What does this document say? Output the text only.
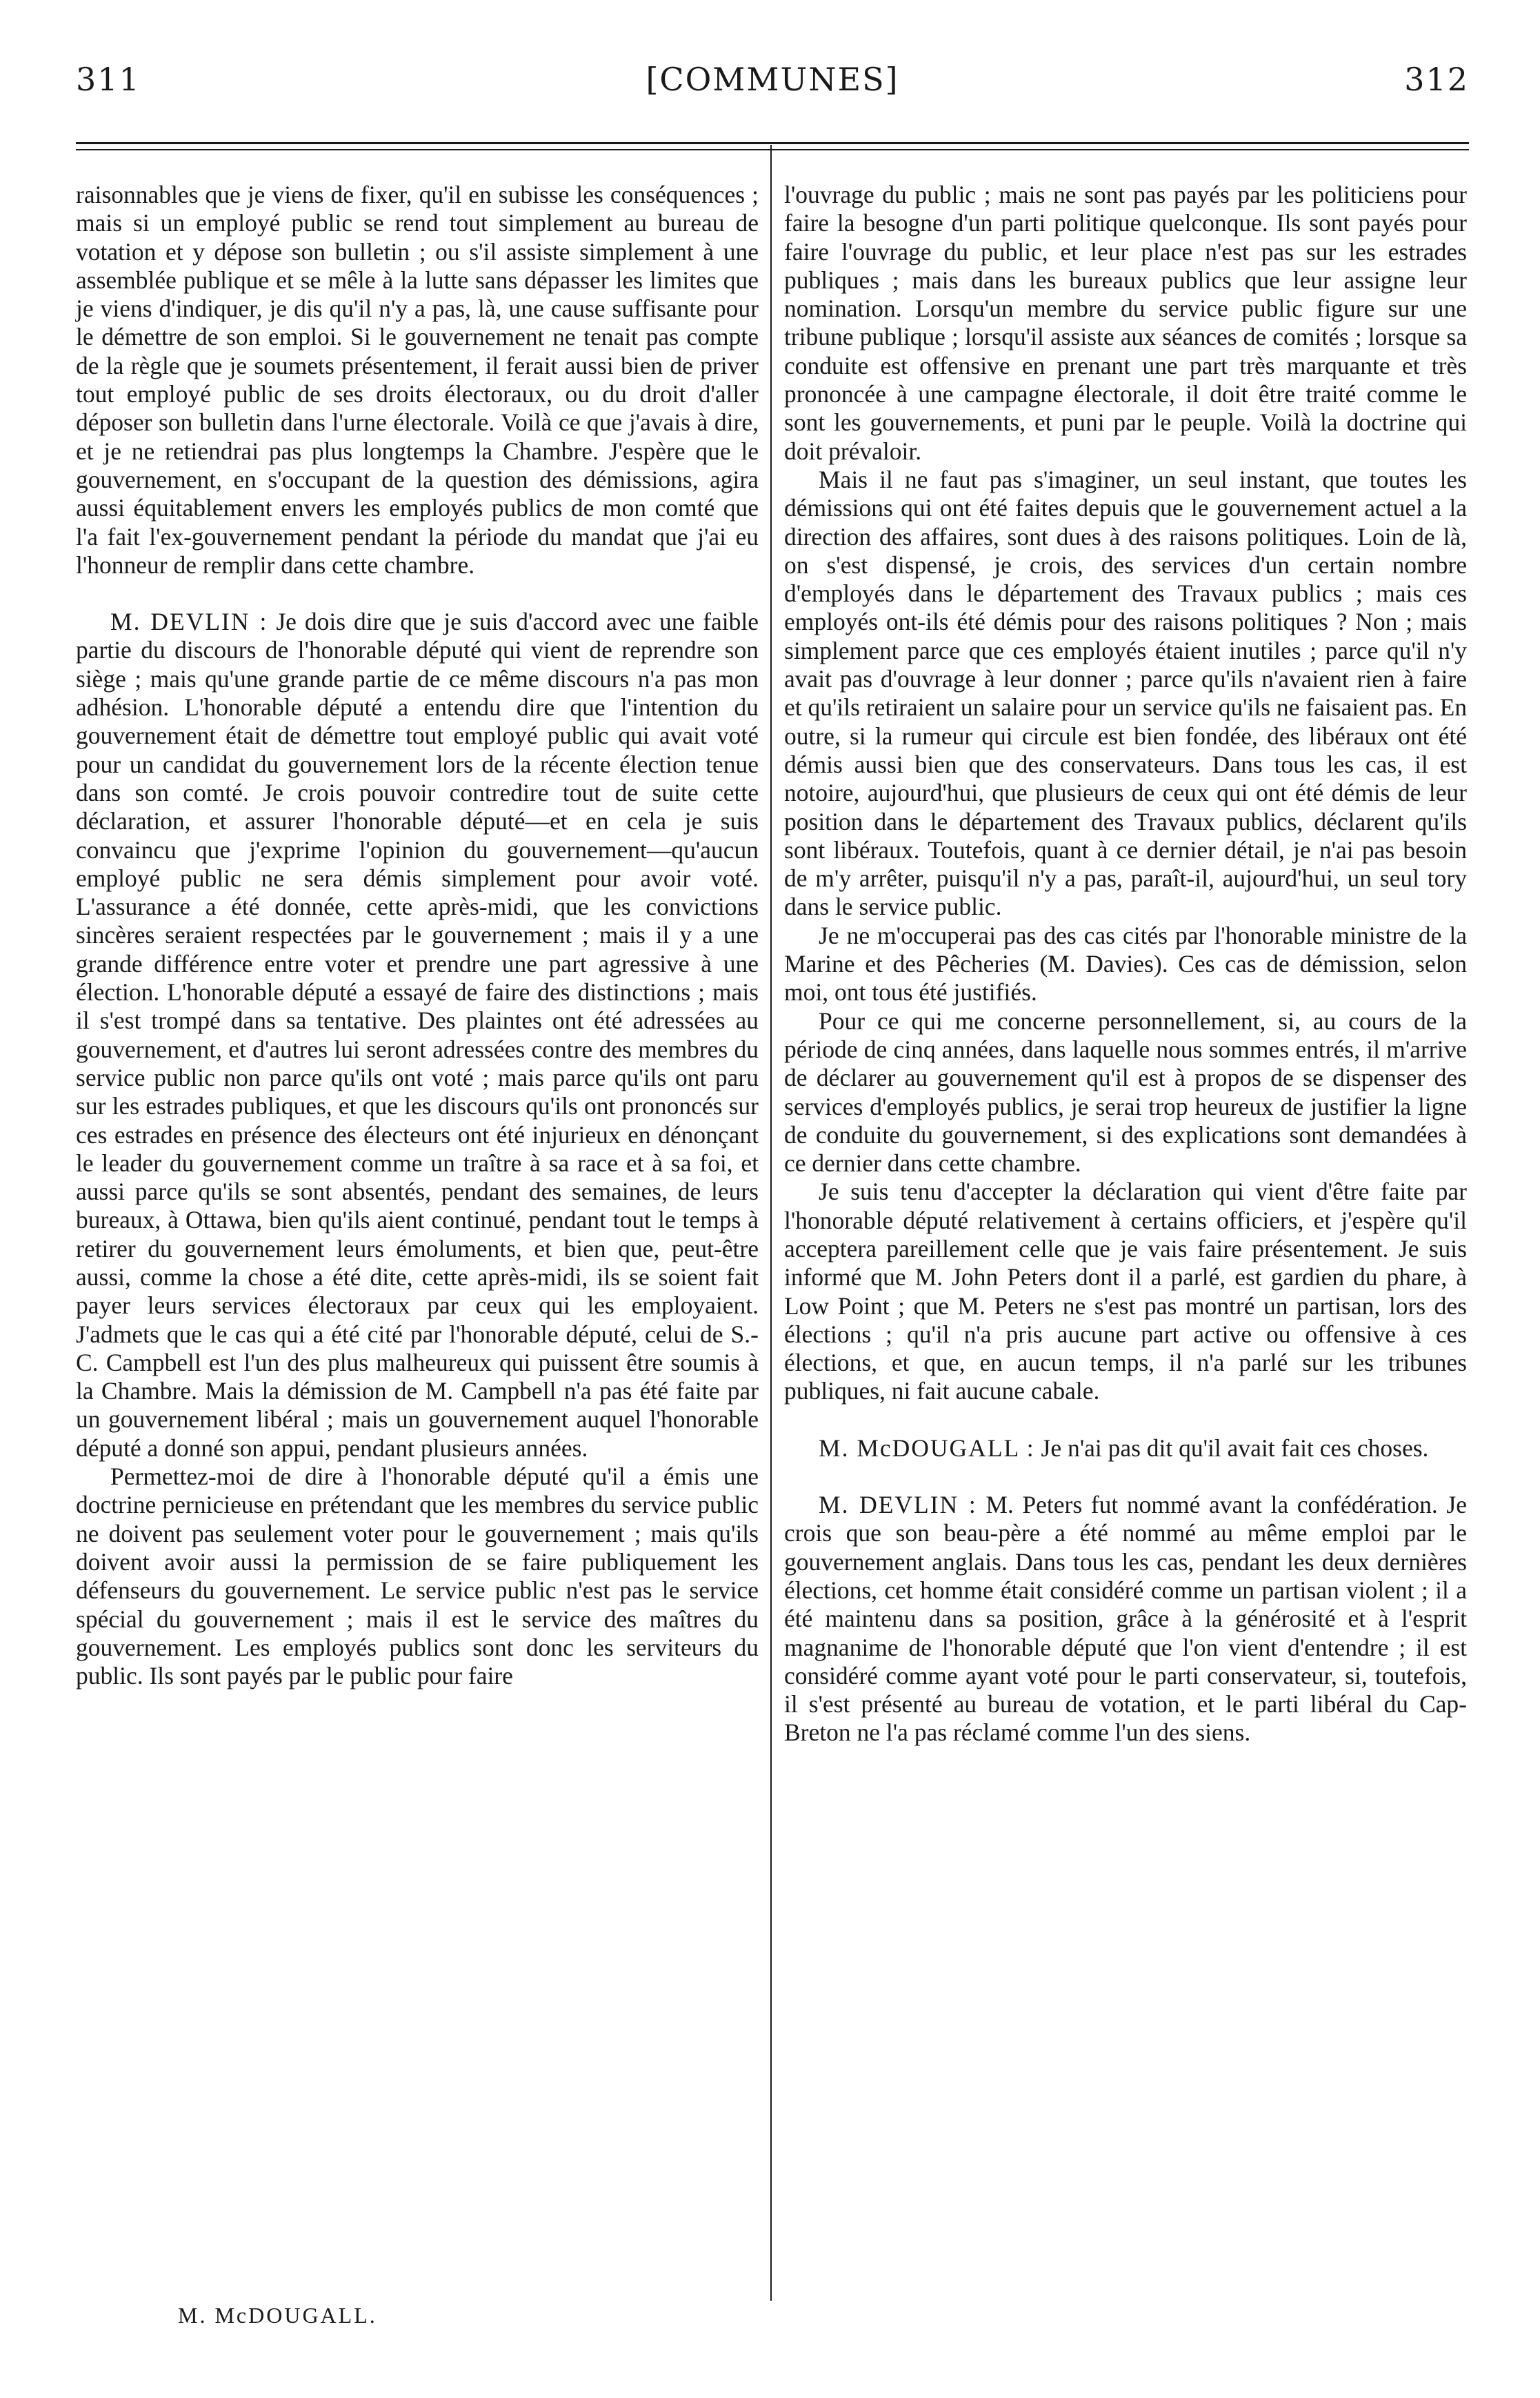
311	[COMMUNES]	312

raisonnables que je viens de fixer, qu'il en subisse les conséquences ; mais si un employé public se rend tout simplement au bureau de votation et y dépose son bulletin ; ou s'il assiste simplement à une assemblée publique et se mêle à la lutte sans dépasser les limites que je viens d'indiquer, je dis qu'il n'y a pas, là, une cause suffisante pour le démettre de son emploi. Si le gouvernement ne tenait pas compte de la règle que je soumets présentement, il ferait aussi bien de priver tout employé public de ses droits électoraux, ou du droit d'aller déposer son bulletin dans l'urne électorale. Voilà ce que j'avais à dire, et je ne retiendrai pas plus longtemps la Chambre. J'espère que le gouvernement, en s'occupant de la question des démissions, agira aussi équitablement envers les employés publics de mon comté que l'a fait l'ex-gouvernement pendant la période du mandat que j'ai eu l'honneur de remplir dans cette chambre.

M. DEVLIN : Je dois dire que je suis d'accord avec une faible partie du discours de l'honorable député qui vient de reprendre son siège ; mais qu'une grande partie de ce même discours n'a pas mon adhésion. L'honorable député a entendu dire que l'intention du gouvernement était de démettre tout employé public qui avait voté pour un candidat du gouvernement lors de la récente élection tenue dans son comté. Je crois pouvoir contredire tout de suite cette déclaration, et assurer l'honorable député—et en cela je suis convaincu que j'exprime l'opinion du gouvernement—qu'aucun employé public ne sera démis simplement pour avoir voté. L'assurance a été donnée, cette après-midi, que les convictions sincères seraient respectées par le gouvernement ; mais il y a une grande différence entre voter et prendre une part agressive à une élection. L'honorable député a essayé de faire des distinctions ; mais il s'est trompé dans sa tentative. Des plaintes ont été adressées au gouvernement, et d'autres lui seront adressées contre des membres du service public non parce qu'ils ont voté ; mais parce qu'ils ont paru sur les estrades publiques, et que les discours qu'ils ont prononcés sur ces estrades en présence des électeurs ont été injurieux en dénonçant le leader du gouvernement comme un traître à sa race et à sa foi, et aussi parce qu'ils se sont absentés, pendant des semaines, de leurs bureaux, à Ottawa, bien qu'ils aient continué, pendant tout le temps à retirer du gouvernement leurs émoluments, et bien que, peut-être aussi, comme la chose a été dite, cette après-midi, ils se soient fait payer leurs services électoraux par ceux qui les employaient. J'admets que le cas qui a été cité par l'honorable député, celui de S.-C. Campbell est l'un des plus malheureux qui puissent être soumis à la Chambre. Mais la démission de M. Campbell n'a pas été faite par un gouvernement libéral ; mais un gouvernement auquel l'honorable député a donné son appui, pendant plusieurs années.

Permettez-moi de dire à l'honorable député qu'il a émis une doctrine pernicieuse en prétendant que les membres du service public ne doivent pas seulement voter pour le gouvernement ; mais qu'ils doivent avoir aussi la permission de se faire publiquement les défenseurs du gouvernement. Le service public n'est pas le service spécial du gouvernement ; mais il est le service des maîtres du gouvernement. Les employés publics sont donc les serviteurs du public. Ils sont payés par le public pour faire

l'ouvrage du public ; mais ne sont pas payés par les politiciens pour faire la besogne d'un parti politique quelconque. Ils sont payés pour faire l'ouvrage du public, et leur place n'est pas sur les estrades publiques ; mais dans les bureaux publics que leur assigne leur nomination. Lorsqu'un membre du service public figure sur une tribune publique ; lorsqu'il assiste aux séances de comités ; lorsque sa conduite est offensive en prenant une part très marquante et très prononcée à une campagne électorale, il doit être traité comme le sont les gouvernements, et puni par le peuple. Voilà la doctrine qui doit prévaloir.

Mais il ne faut pas s'imaginer, un seul instant, que toutes les démissions qui ont été faites depuis que le gouvernement actuel a la direction des affaires, sont dues à des raisons politiques. Loin de là, on s'est dispensé, je crois, des services d'un certain nombre d'employés dans le département des Travaux publics ; mais ces employés ont-ils été démis pour des raisons politiques ? Non ; mais simplement parce que ces employés étaient inutiles ; parce qu'il n'y avait pas d'ouvrage à leur donner ; parce qu'ils n'avaient rien à faire et qu'ils retiraient un salaire pour un service qu'ils ne faisaient pas. En outre, si la rumeur qui circule est bien fondée, des libéraux ont été démis aussi bien que des conservateurs. Dans tous les cas, il est notoire, aujourd'hui, que plusieurs de ceux qui ont été démis de leur position dans le département des Travaux publics, déclarent qu'ils sont libéraux. Toutefois, quant à ce dernier détail, je n'ai pas besoin de m'y arrêter, puisqu'il n'y a pas, paraît-il, aujourd'hui, un seul tory dans le service public.

Je ne m'occuperai pas des cas cités par l'honorable ministre de la Marine et des Pêcheries (M. Davies). Ces cas de démission, selon moi, ont tous été justifiés.

Pour ce qui me concerne personnellement, si, au cours de la période de cinq années, dans laquelle nous sommes entrés, il m'arrive de déclarer au gouvernement qu'il est à propos de se dispenser des services d'employés publics, je serai trop heureux de justifier la ligne de conduite du gouvernement, si des explications sont demandées à ce dernier dans cette chambre.

Je suis tenu d'accepter la déclaration qui vient d'être faite par l'honorable député relativement à certains officiers, et j'espère qu'il acceptera pareillement celle que je vais faire présentement. Je suis informé que M. John Peters dont il a parlé, est gardien du phare, à Low Point ; que M. Peters ne s'est pas montré un partisan, lors des élections ; qu'il n'a pris aucune part active ou offensive à ces élections, et que, en aucun temps, il n'a parlé sur les tribunes publiques, ni fait aucune cabale.

M. McDOUGALL : Je n'ai pas dit qu'il avait fait ces choses.

M. DEVLIN : M. Peters fut nommé avant la confédération. Je crois que son beau-père a été nommé au même emploi par le gouvernement anglais. Dans tous les cas, pendant les deux dernières élections, cet homme était considéré comme un partisan violent ; il a été maintenu dans sa position, grâce à la générosité et à l'esprit magnanime de l'honorable député que l'on vient d'entendre ; il est considéré comme ayant voté pour le parti conservateur, si, toutefois, il s'est présenté au bureau de votation, et le parti libéral du Cap-Breton ne l'a pas réclamé comme l'un des siens.

M. McDOUGALL.
